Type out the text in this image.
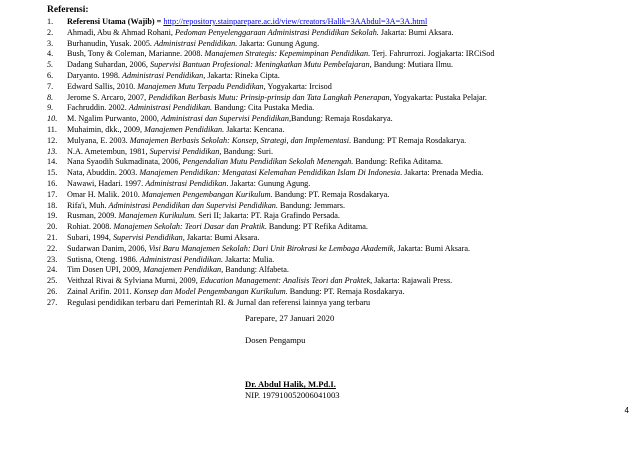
Referensi:
1.	Referensi Utama (Wajib) = http://repository.stainparepare.ac.id/view/creators/Halik=3AAbdul=3A=3A.html
2.	Ahmadi, Abu & Ahmad Rohani, Pedoman Penyelenggaraan Administrasi Pendidikan Sekolah. Jakarta: Bumi Aksara.
3.	Burhanudin, Yusak. 2005. Administrasi Pendidikan. Jakarta: Gunung Agung.
4.	Bush, Tony & Coleman, Marianne. 2008. Manajemen Strategis: Kepemimpinan Pendidikan. Terj. Fahrurrozi. Jogjakarta: IRCiSod
5.	Dadang Suhardan, 2006, Supervisi Bantuan Profesional: Meningkatkan Mutu Pembelajaran, Bandung: Mutiara Ilmu.
6.	Daryanto. 1998. Administrasi Pendidikan, Jakarta: Rineka Cipta.
7.	Edward Sallis, 2010. Manajemen Mutu Terpadu Pendidikan, Yogyakarta: Ircisod
8.	Jerome S. Arcaro, 2007, Pendidikan Berbasis Mutu: Prinsip-prinsip dan Tata Langkah Penerapan, Yogyakarta: Pustaka Pelajar.
9.	Fachruddin. 2002. Administrasi Pendidikan. Bandung: Cita Pustaka Media.
10.	M. Ngalim Purwanto, 2000, Administrasi dan Supervisi Pendidikan,Bandung: Remaja Rosdakarya.
11.	Muhaimin, dkk., 2009, Manajemen Pendidikan. Jakarta: Kencana.
12.	Mulyana, E. 2003. Manajemen Berbasis Sekolah: Konsep, Strategi, dan Implementasi. Bandung: PT Remaja Rosdakarya.
13.	N.A. Ametembun, 1981, Supervisi Pendidikan, Bandung: Suri.
14.	Nana Syaodih Sukmadinata, 2006, Pengendalian Mutu Pendidikan Sekolah Menengah. Bandung: Refika Aditama.
15.	Nata, Abuddin. 2003. Manajemen Pendidikan: Mengatasi Kelemahan Pendidikan Islam Di Indonesia. Jakarta: Prenada Media.
16.	Nawawi, Hadari. 1997. Administrasi Pendidikan. Jakarta: Gunung Agung.
17.	Omar H. Malik. 2010. Manajemen Pengembangan Kurikulum. Bandung: PT. Remaja Rosdakarya.
18.	Rifa'i, Muh. Administrasi Pendidikan dan Supervisi Pendidikan. Bandung: Jemmars.
19.	Rusman, 2009. Manajemen Kurikulum. Seri II; Jakarta: PT. Raja Grafindo Persada.
20.	Rohiat. 2008. Manajemen Sekolah: Teori Dasar dan Praktik. Bandung: PT Refika Aditama.
21.	Subari, 1994, Supervisi Pendidikan, Jakarta: Bumi Aksara.
22.	Sudarwan Danim, 2006, Visi Baru Manajemen Sekolah: Dari Unit Birokrasi ke Lembaga Akademik, Jakarta: Bumi Aksara.
23.	Sutisna, Oteng. 1986. Administrasi Pendidikan. Jakarta: Mulia.
24.	Tim Dosen UPI, 2009, Manajemen Pendidikan, Bandung: Alfabeta.
25.	Veithzal Rivai & Sylviana Murni, 2009, Education Management: Analisis Teori dan Praktek, Jakarta: Rajawali Press.
26.	Zainal Arifin. 2011. Konsep dan Model Pengembangan Kurikulum. Bandung: PT. Remaja Rosdakarya.
27.	Regulasi pendidikan terbaru dari Pemerintah RI. & Jurnal dan referensi lainnya yang terbaru
Parepare, 27 Januari 2020
Dosen Pengampu
Dr. Abdul Halik, M.Pd.I.
NIP. 197910052006041003
4
